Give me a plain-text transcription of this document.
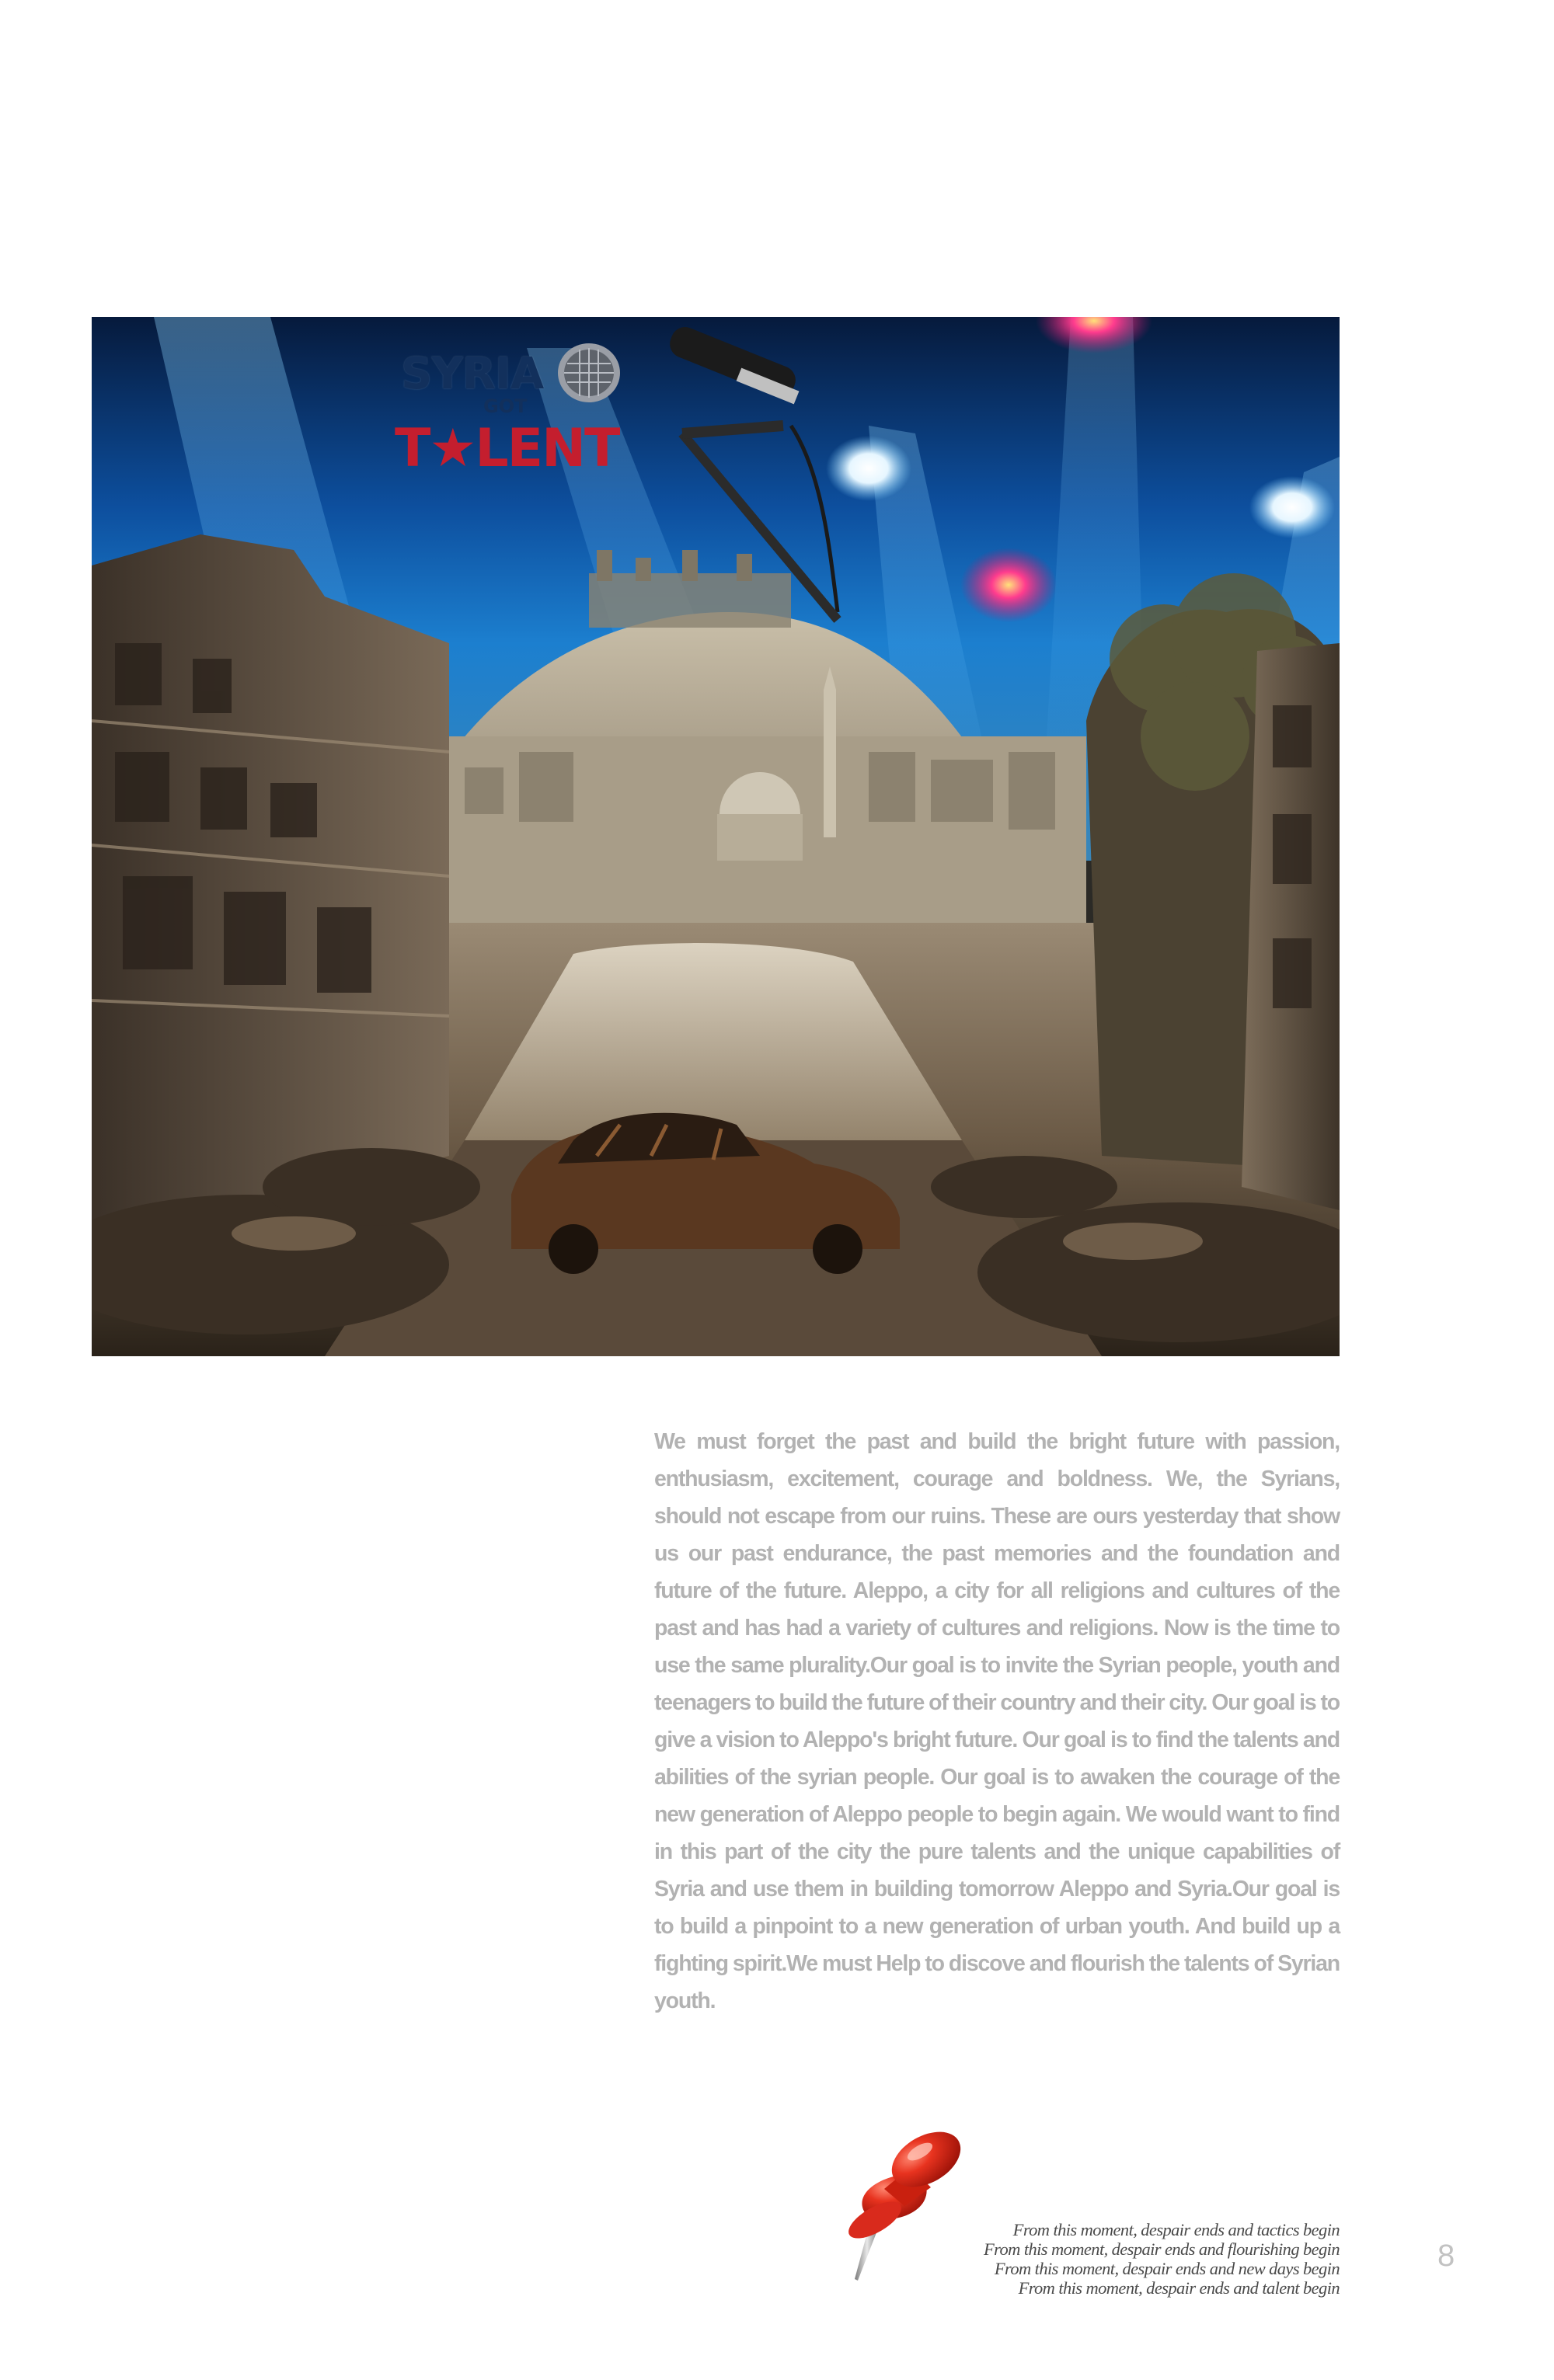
SYRIA
GOT
T★LENT

We must forget the past and build the bright future with passion, enthusiasm, excitement, courage and boldness. We, the Syrians, should not escape from our ruins. These are ours yesterday that show us our past endurance, the past memories and the foundation and future of the future. Aleppo, a city for all religions and cultures of the past and has had a variety of cultures and religions. Now is the time to use the same plurality.Our goal is to invite the Syrian people, youth and teenagers to build the future of their country and their city. Our goal is to give a vision to Aleppo's bright future. Our goal is to find the talents and abilities of the syrian people. Our goal is to awaken the courage of the new generation of Aleppo people to begin again. We would want to find in this part of the city the pure talents and the unique capabilities of Syria and use them in building tomorrow Aleppo and Syria.Our goal is to build a pinpoint to a new generation of urban youth. And build up a fighting spirit.We must Help to discove and flourish the talents of Syrian youth.

From this moment, despair ends and tactics begin
From this moment, despair ends and flourishing begin
From this moment, despair ends and new days begin
From this moment, despair ends and talent begin
8
